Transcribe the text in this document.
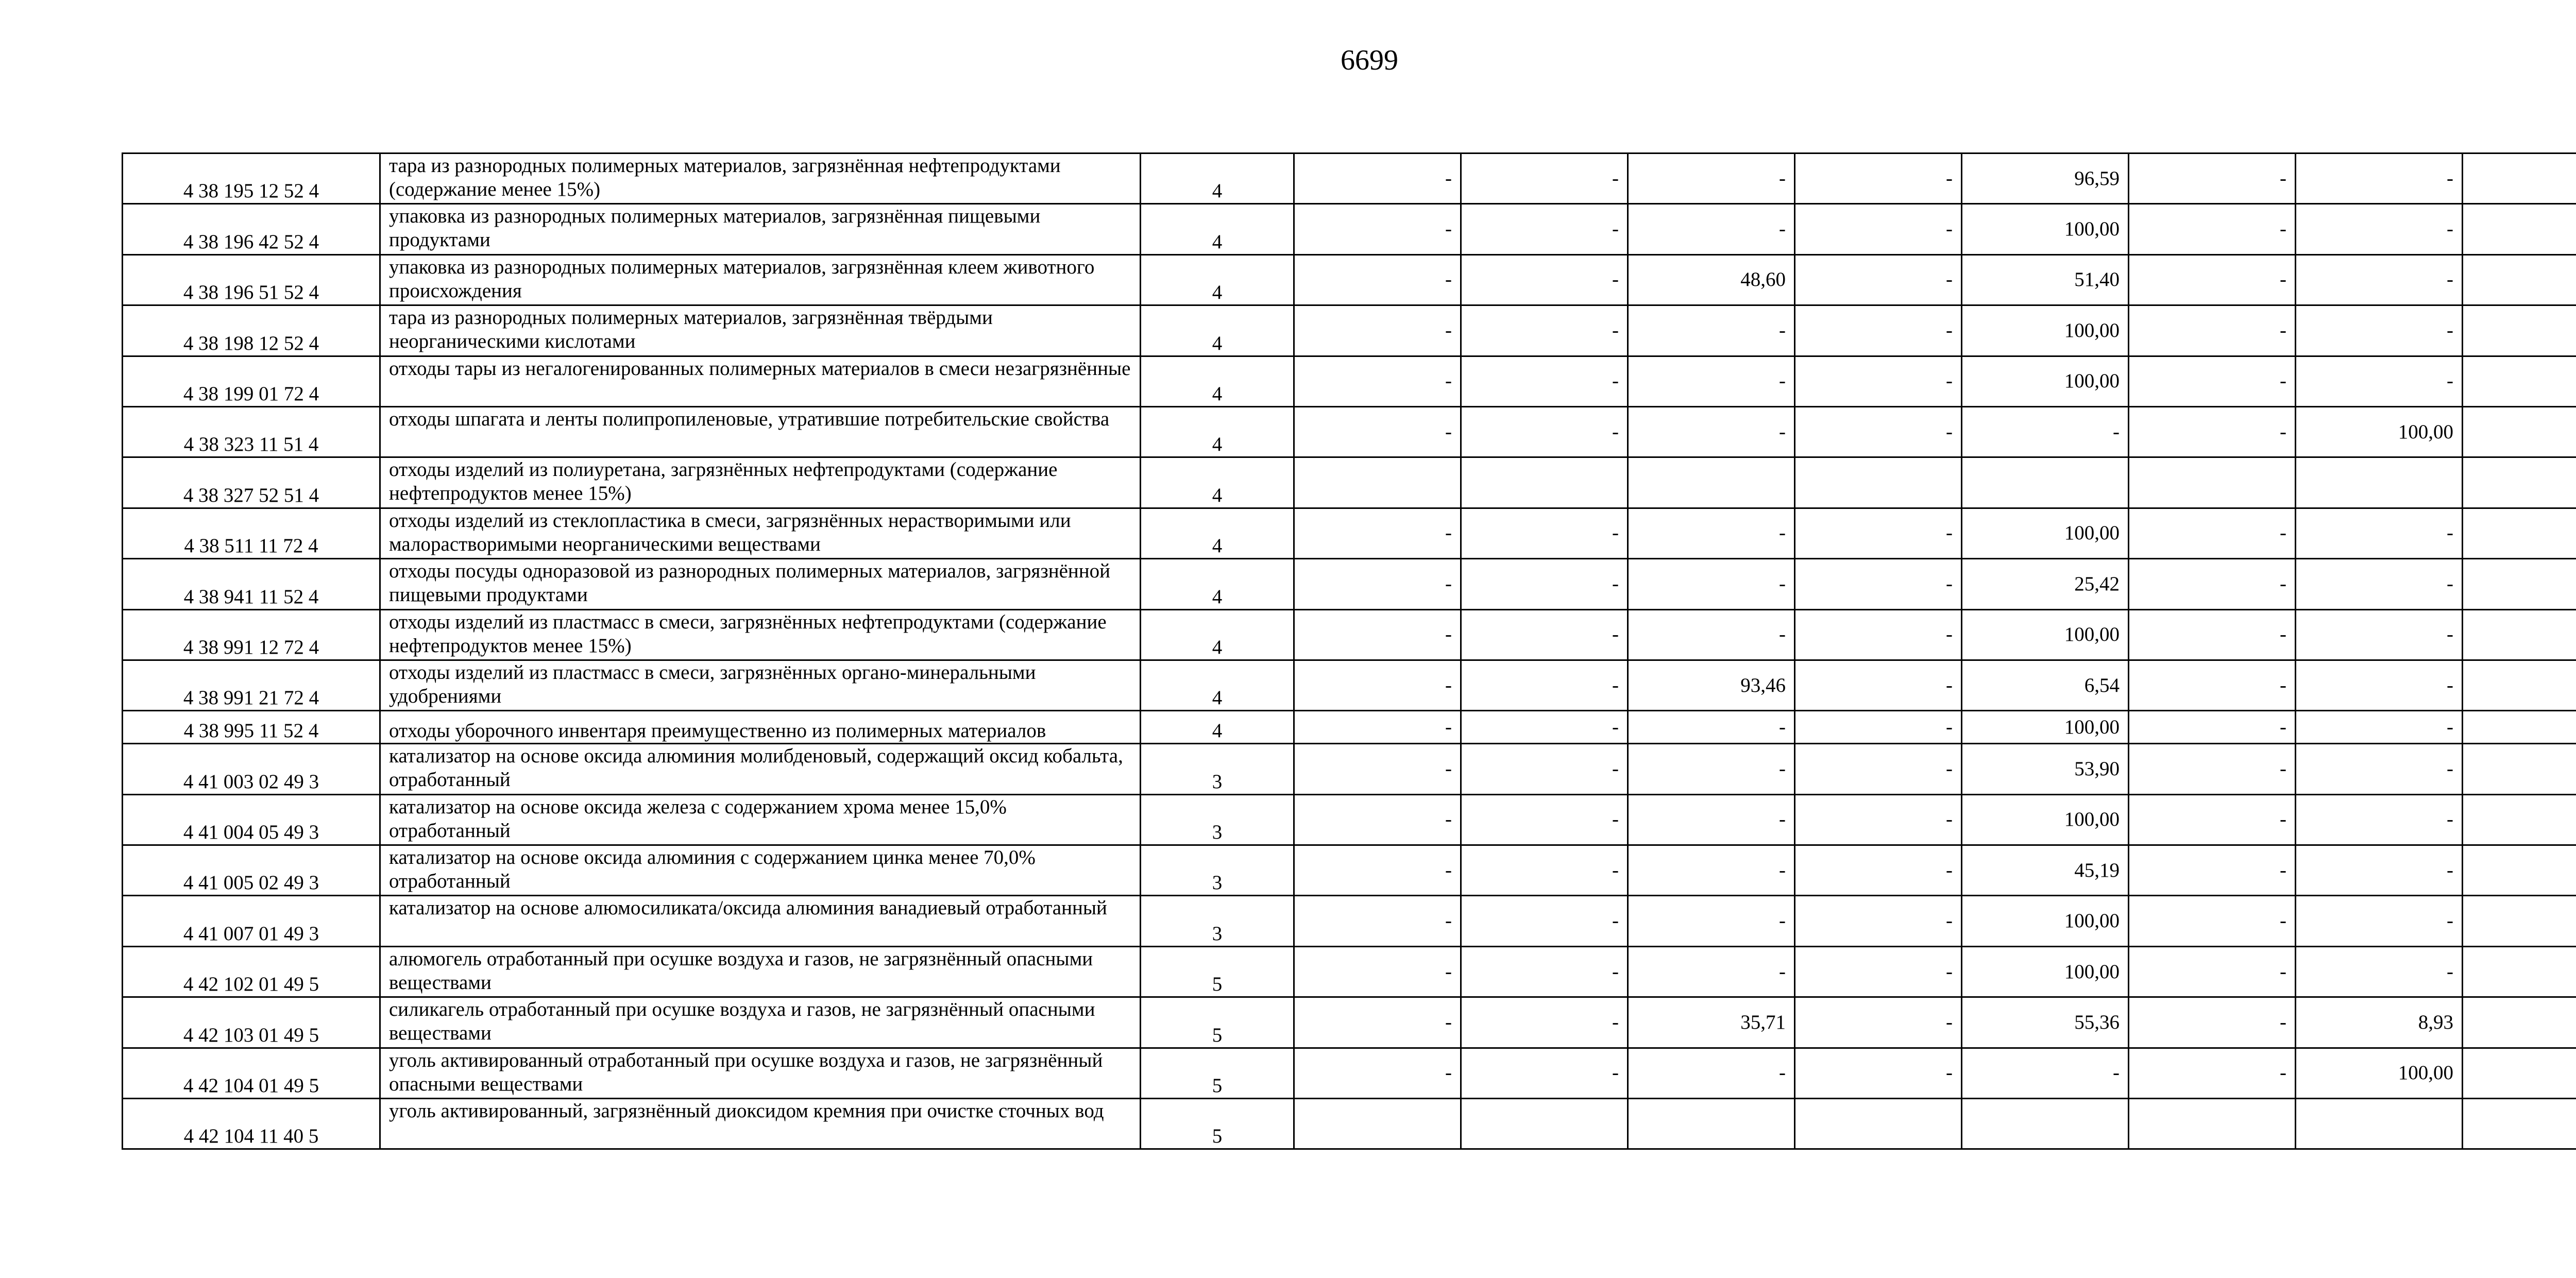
6699
4 38 195 12 52 4	тара из разнородных полимерных материалов, загрязнённая нефтепродуктами (содержание менее 15%)	4	-	-	-	-	96,59	-	-	
4 38 196 42 52 4	упаковка из разнородных полимерных материалов, загрязнённая пищевыми продуктами	4	-	-	-	-	100,00	-	-	
4 38 196 51 52 4	упаковка из разнородных полимерных материалов, загрязнённая клеем животного происхождения	4	-	-	48,60	-	51,40	-	-	
4 38 198 12 52 4	тара из разнородных полимерных материалов, загрязнённая твёрдыми неорганическими кислотами	4	-	-	-	-	100,00	-	-	
4 38 199 01 72 4	отходы тары из негалогенированных полимерных материалов в смеси незагрязнённые	4	-	-	-	-	100,00	-	-	
4 38 323 11 51 4	отходы шпагата и ленты полипропиленовые, утратившие потребительские свойства	4	-	-	-	-	-	-	100,00	
4 38 327 52 51 4	отходы изделий из полиуретана, загрязнённых нефтепродуктами (содержание нефтепродуктов менее 15%)	4								
4 38 511 11 72 4	отходы изделий из стеклопластика в смеси, загрязнённых нерастворимыми или малорастворимыми неорганическими веществами	4	-	-	-	-	100,00	-	-	
4 38 941 11 52 4	отходы посуды одноразовой из разнородных полимерных материалов, загрязнённой пищевыми продуктами	4	-	-	-	-	25,42	-	-	
4 38 991 12 72 4	отходы изделий из пластмасс в смеси, загрязнённых нефтепродуктами (содержание нефтепродуктов менее 15%)	4	-	-	-	-	100,00	-	-	
4 38 991 21 72 4	отходы изделий из пластмасс в смеси, загрязнённых органо-минеральными удобрениями	4	-	-	93,46	-	6,54	-	-	
4 38 995 11 52 4	отходы уборочного инвентаря преимущественно из полимерных материалов	4	-	-	-	-	100,00	-	-	
4 41 003 02 49 3	катализатор на основе оксида алюминия молибденовый, содержащий оксид кобальта, отработанный	3	-	-	-	-	53,90	-	-	
4 41 004 05 49 3	катализатор на основе оксида железа с содержанием хрома менее 15,0% отработанный	3	-	-	-	-	100,00	-	-	
4 41 005 02 49 3	катализатор на основе оксида алюминия с содержанием цинка менее 70,0% отработанный	3	-	-	-	-	45,19	-	-	
4 41 007 01 49 3	катализатор на основе алюмосиликата/оксида алюминия ванадиевый отработанный	3	-	-	-	-	100,00	-	-	
4 42 102 01 49 5	алюмогель отработанный при осушке воздуха и газов, не загрязнённый опасными веществами	5	-	-	-	-	100,00	-	-	
4 42 103 01 49 5	силикагель отработанный при осушке воздуха и газов, не загрязнённый опасными веществами	5	-	-	35,71	-	55,36	-	8,93	
4 42 104 01 49 5	уголь активированный отработанный при осушке воздуха и газов, не загрязнённый опасными веществами	5	-	-	-	-	-	-	100,00	
4 42 104 11 40 5	уголь активированный, загрязнённый диоксидом кремния при очистке сточных вод	5								
